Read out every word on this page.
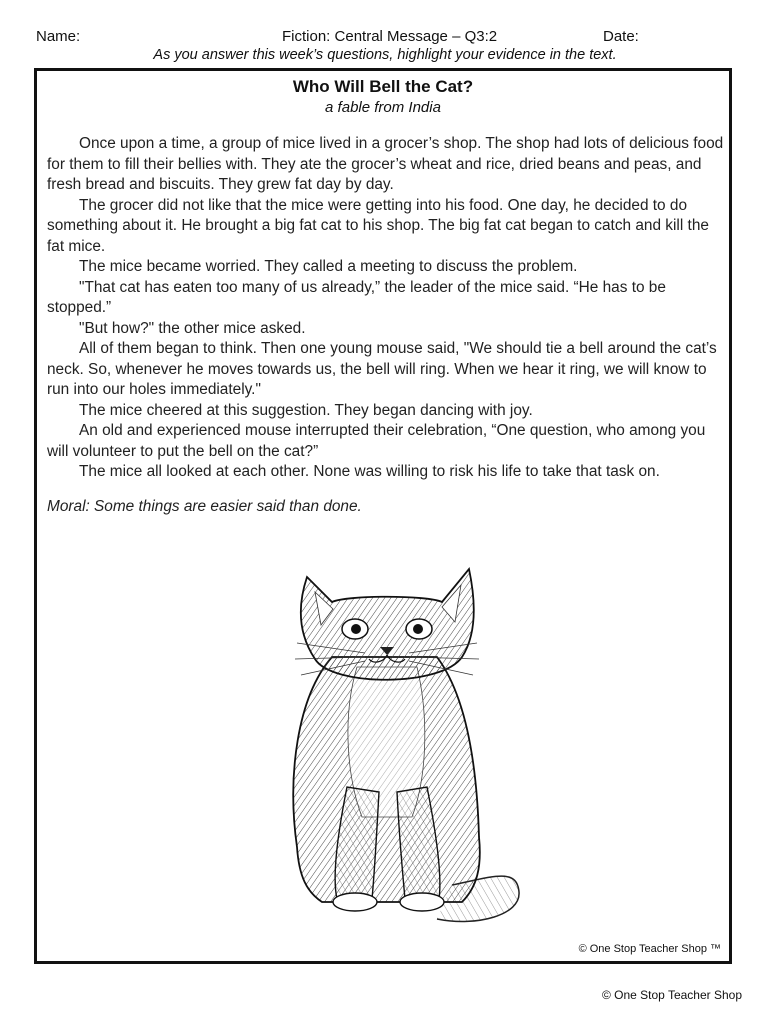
Name:	Fiction: Central Message – Q3:2	Date:
As you answer this week’s questions, highlight your evidence in the text.
Who Will Bell the Cat?
a fable from India

Once upon a time, a group of mice lived in a grocer’s shop. The shop had lots of delicious food for them to fill their bellies with. They ate the grocer’s wheat and rice, dried beans and peas, and fresh bread and biscuits. They grew fat day by day.

The grocer did not like that the mice were getting into his food. One day, he decided to do something about it. He brought a big fat cat to his shop. The big fat cat began to catch and kill the fat mice.

The mice became worried. They called a meeting to discuss the problem.

"That cat has eaten too many of us already,” the leader of the mice said. “He has to be stopped.”

"But how?" the other mice asked.

All of them began to think. Then one young mouse said, "We should tie a bell around the cat’s neck. So, whenever he moves towards us, the bell will ring. When we hear it ring, we will know to run into our holes immediately."

The mice cheered at this suggestion. They began dancing with joy.

An old and experienced mouse interrupted their celebration, “One question, who among you will volunteer to put the bell on the cat?”

The mice all looked at each other. None was willing to risk his life to take that task on.

Moral: Some things are easier said than done.

© One Stop Teacher Shop ™
© One Stop Teacher Shop
